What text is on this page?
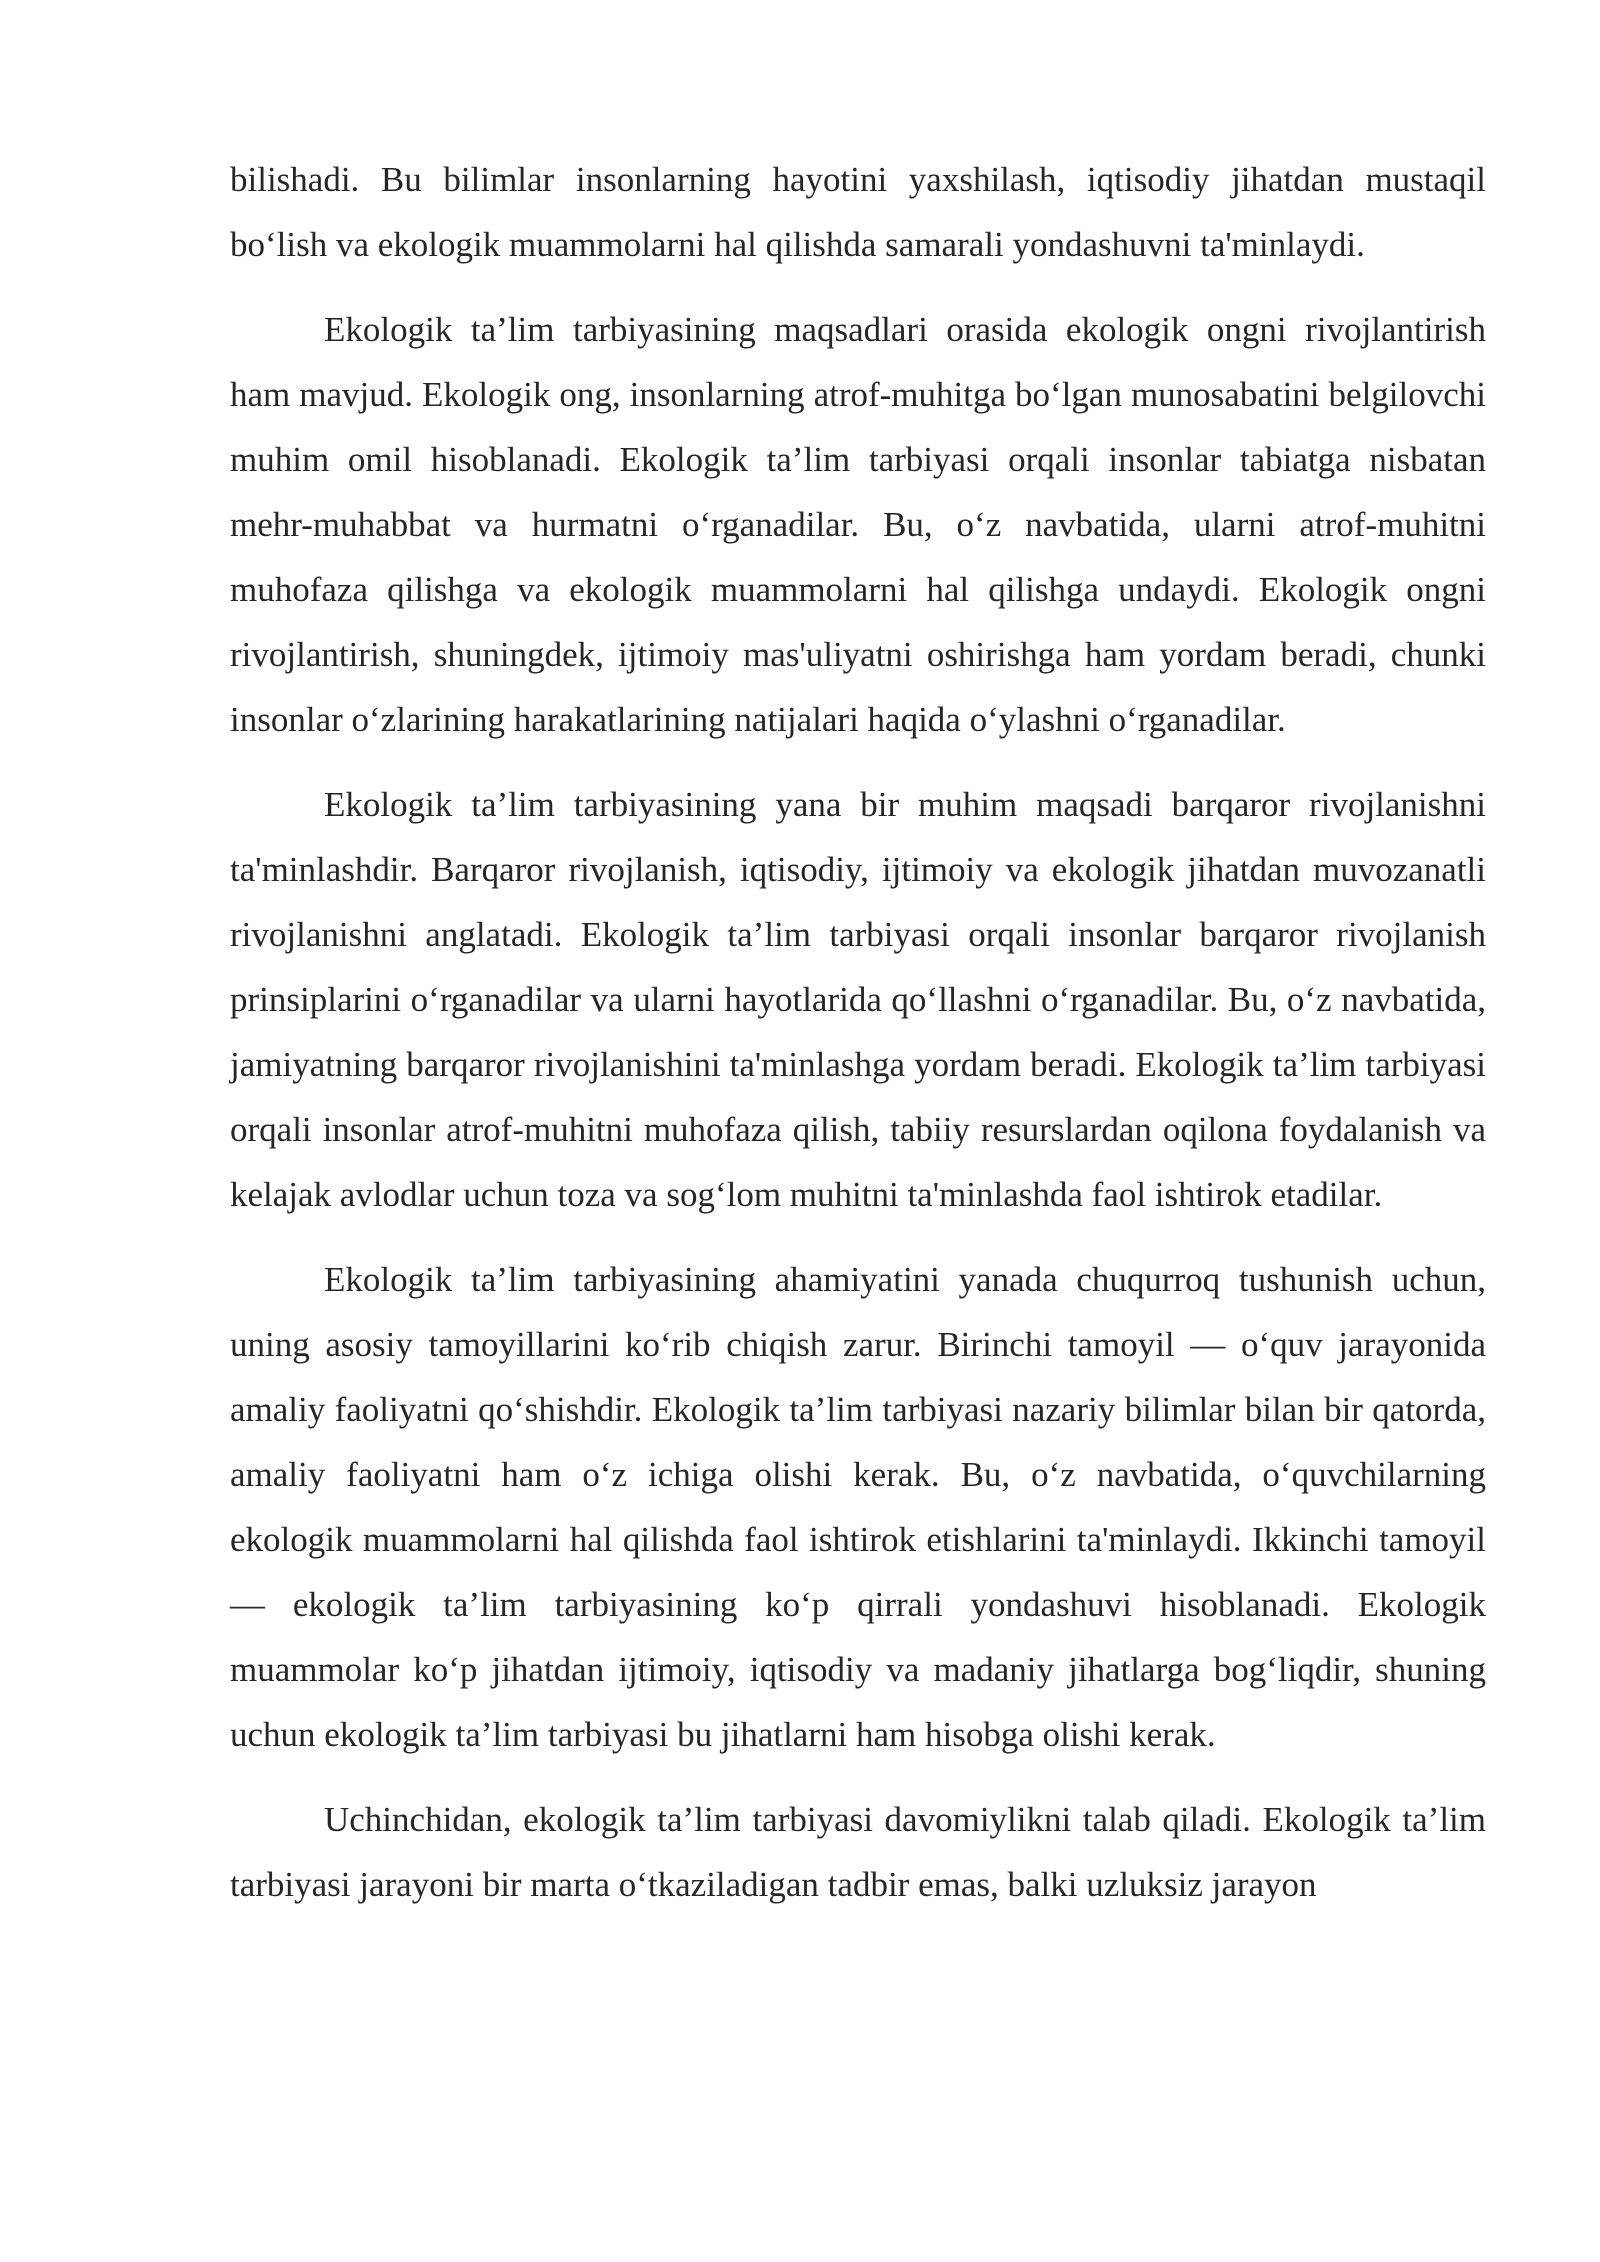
bilishadi. Bu bilimlar insonlarning hayotini yaxshilash, iqtisodiy jihatdan mustaqil bo‘lish va ekologik muammolarni hal qilishda samarali yondashuvni ta'minlaydi.

Ekologik ta’lim tarbiyasining maqsadlari orasida ekologik ongni rivojlantirish ham mavjud. Ekologik ong, insonlarning atrof-muhitga bo‘lgan munosabatini belgilovchi muhim omil hisoblanadi. Ekologik ta’lim tarbiyasi orqali insonlar tabiatga nisbatan mehr-muhabbat va hurmatni o‘rganadilar. Bu, o‘z navbatida, ularni atrof-muhitni muhofaza qilishga va ekologik muammolarni hal qilishga undaydi. Ekologik ongni rivojlantirish, shuningdek, ijtimoiy mas'uliyatni oshirishga ham yordam beradi, chunki insonlar o‘zlarining harakatlarining natijalari haqida o‘ylashni o‘rganadilar.

Ekologik ta’lim tarbiyasining yana bir muhim maqsadi barqaror rivojlanishni ta'minlashdir. Barqaror rivojlanish, iqtisodiy, ijtimoiy va ekologik jihatdan muvozanatli rivojlanishni anglatadi. Ekologik ta’lim tarbiyasi orqali insonlar barqaror rivojlanish prinsiplarini o‘rganadilar va ularni hayotlarida qo‘llashni o‘rganadilar. Bu, o‘z navbatida, jamiyatning barqaror rivojlanishini ta'minlashga yordam beradi. Ekologik ta’lim tarbiyasi orqali insonlar atrof-muhitni muhofaza qilish, tabiiy resurslardan oqilona foydalanish va kelajak avlodlar uchun toza va sog‘lom muhitni ta'minlashda faol ishtirok etadilar.

Ekologik ta’lim tarbiyasining ahamiyatini yanada chuqurroq tushunish uchun, uning asosiy tamoyillarini ko‘rib chiqish zarur. Birinchi tamoyil — o‘quv jarayonida amaliy faoliyatni qo‘shishdir. Ekologik ta’lim tarbiyasi nazariy bilimlar bilan bir qatorda, amaliy faoliyatni ham o‘z ichiga olishi kerak. Bu, o‘z navbatida, o‘quvchilarning ekologik muammolarni hal qilishda faol ishtirok etishlarini ta'minlaydi. Ikkinchi tamoyil — ekologik ta’lim tarbiyasining ko‘p qirrali yondashuvi hisoblanadi. Ekologik muammolar ko‘p jihatdan ijtimoiy, iqtisodiy va madaniy jihatlarga bog‘liqdir, shuning uchun ekologik ta’lim tarbiyasi bu jihatlarni ham hisobga olishi kerak.

Uchinchidan, ekologik ta’lim tarbiyasi davomiylikni talab qiladi. Ekologik ta’lim tarbiyasi jarayoni bir marta o‘tkaziladigan tadbir emas, balki uzluksiz jarayon
